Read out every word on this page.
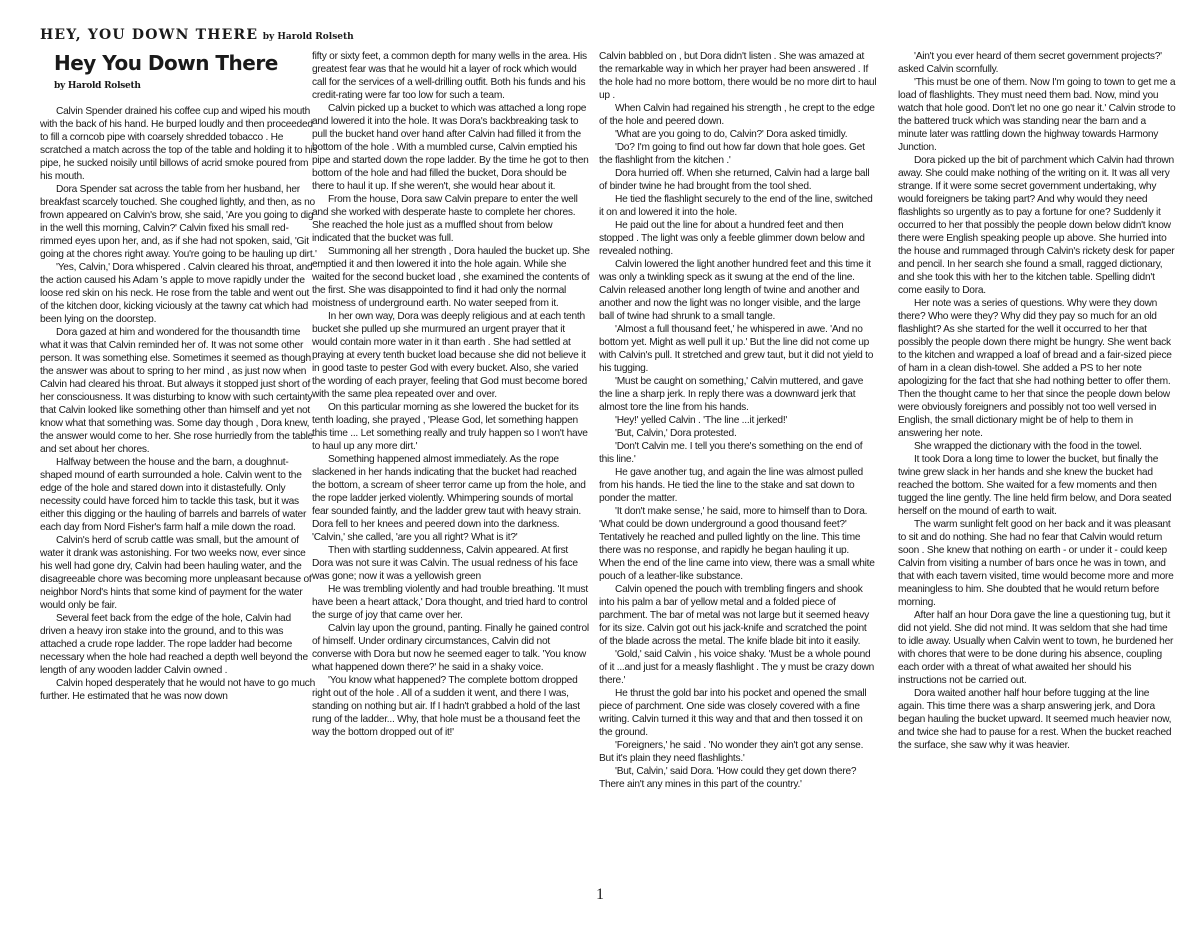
HEY, YOU DOWN THERE by Harold Rolseth
Hey You Down There
by Harold Rolseth

Calvin Spender drained his coffee cup and wiped his mouth with the back of his hand. He burped loudly and then proceeded to fill a corncob pipe with coarsely shredded tobacco . He scratched a match across the top of the table and holding it to his pipe, he sucked noisily until billows of acrid smoke poured from his mouth.

Dora Spender sat across the table from her husband, her breakfast scarcely touched. She coughed lightly, and then, as no frown appeared on Calvin's brow, she said, 'Are you going to dig in the well this morning, Calvin?' Calvin fixed his small red-rimmed eyes upon her, and, as if she had not spoken, said, 'Git going at the chores right away. You're going to be hauling up dirt.'

'Yes, Calvin,' Dora whispered . Calvin cleared his throat, and the action caused his Adam 's apple to move rapidly under the loose red skin on his neck. He rose from the table and went out of the kitchen door, kicking viciously at the tawny cat which had been lying on the doorstep.

Dora gazed at him and wondered for the thousandth time what it was that Calvin reminded her of. It was not some other person. It was something else. Sometimes it seemed as though the answer was about to spring to her mind , as just now when Calvin had cleared his throat. But always it stopped just short of her consciousness. It was disturbing to know with such certainty that Calvin looked like something other than himself and yet not know what that something was. Some day though , Dora knew, the answer would come to her. She rose hurriedly from the table and set about her chores.

Halfway between the house and the barn, a doughnut-shaped mound of earth surrounded a hole. Calvin went to the edge of the hole and stared down into it distastefully. Only necessity could have forced him to tackle this task, but it was either this digging or the hauling of barrels and barrels of water each day from Nord Fisher's farm half a mile down the road.

Calvin's herd of scrub cattle was small, but the amount of water it drank was astonishing. For two weeks now, ever since his well had gone dry, Calvin had been hauling water, and the disagreeable chore was becoming more unpleasant because of neighbor Nord's hints that some kind of payment for the water would only be fair.

Several feet back from the edge of the hole, Calvin had driven a heavy iron stake into the ground, and to this was attached a crude rope ladder. The rope ladder had become necessary when the hole had reached a depth well beyond the length of any wooden ladder Calvin owned .

Calvin hoped desperately that he would not have to go much further. He estimated that he was now down

fifty or sixty feet, a common depth for many wells in the area. His greatest fear was that he would hit a layer of rock which would call for the services of a well-drilling outfit. Both his funds and his credit-rating were far too low for such a team.

Calvin picked up a bucket to which was attached a long rope and lowered it into the hole. It was Dora's backbreaking task to pull the bucket hand over hand after Calvin had filled it from the bottom of the hole . With a mumbled curse, Calvin emptied his pipe and started down the rope ladder. By the time he got to then bottom of the hole and had filled the bucket, Dora should be there to haul it up. If she weren't, she would hear about it.

From the house, Dora saw Calvin prepare to enter the well and she worked with desperate haste to complete her chores. She reached the hole just as a muffled shout from below indicated that the bucket was full.

Summoning all her strength , Dora hauled the bucket up. She emptied it and then lowered it into the hole again. While she waited for the second bucket load , she examined the contents of the first. She was disappointed to find it had only the normal moistness of underground earth. No water seeped from it.

In her own way, Dora was deeply religious and at each tenth bucket she pulled up she murmured an urgent prayer that it would contain more water in it than earth . She had settled at praying at every tenth bucket load because she did not believe it in good taste to pester God with every bucket. Also, she varied the wording of each prayer, feeling that God must become bored with the same plea repeated over and over.

On this particular morning as she lowered the bucket for its tenth loading, she prayed , 'Please God, let something happen this time ... Let something really and truly happen so I won't have to haul up any more dirt.'

Something happened almost immediately. As the rope slackened in her hands indicating that the bucket had reached the bottom, a scream of sheer terror came up from the hole, and the rope ladder jerked violently. Whimpering sounds of mortal fear sounded faintly, and the ladder grew taut with heavy strain. Dora fell to her knees and peered down into the darkness. 'Calvin,' she called, 'are you all right? What is it?'

Then with startling suddenness, Calvin appeared. At first Dora was not sure it was Calvin. The usual redness of his face was gone; now it was a yellowish green

He was trembling violently and had trouble breathing. 'It must have been a heart attack,' Dora thought, and tried hard to control the surge of joy that came over her.

Calvin lay upon the ground, panting. Finally he gained control of himself. Under ordinary circumstances, Calvin did not converse with Dora but now he seemed eager to talk. 'You know what happened down there?' he said in a shaky voice.

'You know what happened? The complete bottom dropped right out of the hole . All of a sudden it went, and there I was, standing on nothing but air. If I hadn't grabbed a hold of the last rung of the ladder... Why, that hole must be a thousand feet the way the bottom dropped out of it!'

Calvin babbled on , but Dora didn't listen . She was amazed at the remarkable way in which her prayer had been answered . If the hole had no more bottom, there would be no more dirt to haul up .

When Calvin had regained his strength , he crept to the edge of the hole and peered down.

'What are you going to do, Calvin?' Dora asked timidly.

'Do? I'm going to find out how far down that hole goes. Get the flashlight from the kitchen .'

Dora hurried off. When she returned, Calvin had a large ball of binder twine he had brought from the tool shed.

He tied the flashlight securely to the end of the line, switched it on and lowered it into the hole.

He paid out the line for about a hundred feet and then stopped . The light was only a feeble glimmer down below and revealed nothing.

Calvin lowered the light another hundred feet and this time it was only a twinkling speck as it swung at the end of the line. Calvin released another long length of twine and another and another and now the light was no longer visible, and the large ball of twine had shrunk to a small tangle.

'Almost a full thousand feet,' he whispered in awe. 'And no bottom yet. Might as well pull it up.' But the line did not come up with Calvin's pull. It stretched and grew taut, but it did not yield to his tugging.

'Must be caught on something,' Calvin muttered, and gave the line a sharp jerk. In reply there was a downward jerk that almost tore the line from his hands.

'Hey!' yelled Calvin . 'The line ...it jerked!'

'But, Calvin,' Dora protested.

'Don't Calvin me. I tell you there's something on the end of this line.'

He gave another tug, and again the line was almost pulled from his hands. He tied the line to the stake and sat down to ponder the matter.

'It don't make sense,' he said, more to himself than to Dora. 'What could be down underground a good thousand feet?' Tentatively he reached and pulled lightly on the line. This time there was no response, and rapidly he began hauling it up. When the end of the line came into view, there was a small white pouch of a leather-like substance.

Calvin opened the pouch with trembling fingers and shook into his palm a bar of yellow metal and a folded piece of parchment. The bar of metal was not large but it seemed heavy for its size. Calvin got out his jack-knife and scratched the point of the blade across the metal. The knife blade bit into it easily.

'Gold,' said Calvin , his voice shaky. 'Must be a whole pound of it ...and just for a measly flashlight . The y must be crazy down there.'

He thrust the gold bar into his pocket and opened the small piece of parchment. One side was closely covered with a fine writing. Calvin turned it this way and that and then tossed it on the ground.

'Foreigners,' he said . 'No wonder they ain't got any sense. But it's plain they need flashlights.'

'But, Calvin,' said Dora. 'How could they get down there? There ain't any mines in this part of the country.'

'Ain't you ever heard of them secret government projects?' asked Calvin scornfully.

'This must be one of them. Now I'm going to town to get me a load of flashlights. They must need them bad. Now, mind you watch that hole good. Don't let no one go near it.' Calvin strode to the battered truck which was standing near the barn and a minute later was rattling down the highway towards Harmony Junction.

Dora picked up the bit of parchment which Calvin had thrown away. She could make nothing of the writing on it. It was all very strange. If it were some secret government undertaking, why would foreigners be taking part? And why would they need flashlights so urgently as to pay a fortune for one? Suddenly it occurred to her that possibly the people down below didn't know there were English speaking people up above. She hurried into the house and rummaged through Calvin's rickety desk for paper and pencil. In her search she found a small, ragged dictionary, and she took this with her to the kitchen table. Spelling didn't come easily to Dora.

Her note was a series of questions. Why were they down there? Who were they? Why did they pay so much for an old flashlight? As she started for the well it occurred to her that possibly the people down there might be hungry. She went back to the kitchen and wrapped a loaf of bread and a fair-sized piece of ham in a clean dish-towel. She added a PS to her note apologizing for the fact that she had nothing better to offer them. Then the thought came to her that since the people down below were obviously foreigners and possibly not too well versed in English, the small dictionary might be of help to them in answering her note.

She wrapped the dictionary with the food in the towel.

It took Dora a long time to lower the bucket, but finally the twine grew slack in her hands and she knew the bucket had reached the bottom. She waited for a few moments and then tugged the line gently. The line held firm below, and Dora seated herself on the mound of earth to wait.

The warm sunlight felt good on her back and it was pleasant to sit and do nothing. She had no fear that Calvin would return soon . She knew that nothing on earth - or under it - could keep Calvin from visiting a number of bars once he was in town, and that with each tavern visited, time would become more and more meaningless to him. She doubted that he would return before morning.

After half an hour Dora gave the line a questioning tug, but it did not yield. She did not mind. It was seldom that she had time to idle away. Usually when Calvin went to town, he burdened her with chores that were to be done during his absence, coupling each order with a threat of what awaited her should his instructions not be carried out.

Dora waited another half hour before tugging at the line again. This time there was a sharp answering jerk, and Dora began hauling the bucket upward. It seemed much heavier now, and twice she had to pause for a rest. When the bucket reached the surface, she saw why it was heavier.

1
